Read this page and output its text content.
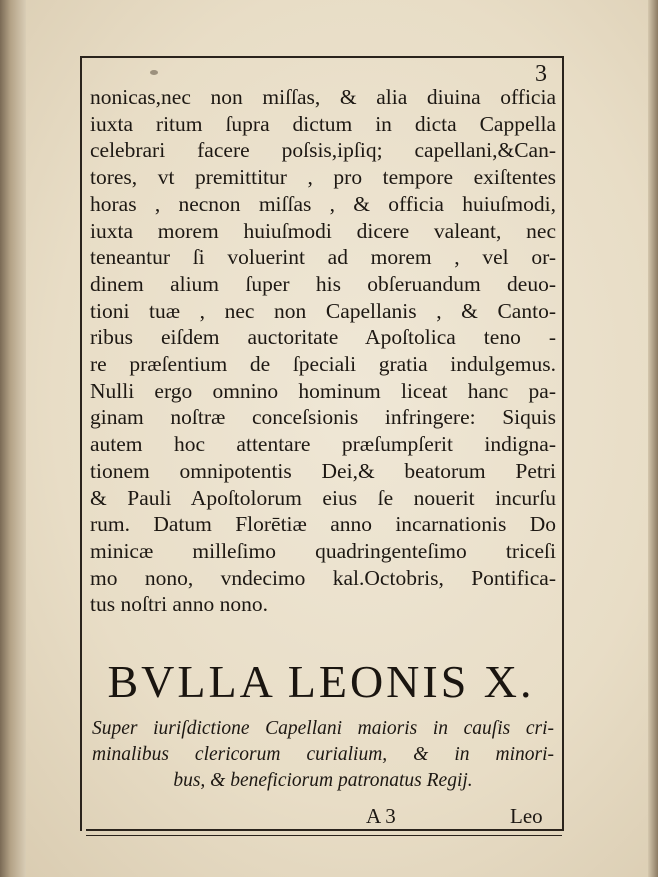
3
nonicas,nec non miſſas, & alia diuina officia
iuxta ritum ſupra dictum in dicta Cappella
celebrari facere poſsis,ipſiq; capellani,&Can-
tores, vt premittitur , pro tempore exiſtentes
horas , necnon miſſas , & officia huiuſmodi,
iuxta morem huiuſmodi dicere valeant, nec
teneantur ſi voluerint ad morem , vel or-
dinem alium ſuper his obſeruandum deuo-
tioni tuæ , nec non Capellanis , & Canto-
ribus eiſdem auctoritate Apoſtolica teno -
re præſentium de ſpeciali gratia indulgemus.
Nulli ergo omnino hominum liceat hanc pa-
ginam noſtræ conceſsionis infringere: Siquis
autem hoc attentare præſumpſerit indigna-
tionem omnipotentis Dei,& beatorum Petri
& Pauli Apoſtolorum eius ſe nouerit incurſu
rum. Datum Florētiæ anno incarnationis Do
minicæ milleſimo quadringenteſimo triceſi
mo nono, vndecimo kal.Octobris, Pontifica-
tus noſtri anno nono.
BVLLA LEONIS X.
Super iuriſdictione Capellani maioris in cauſis cri-
minalibus clericorum curialium, & in minori-
bus, & beneficiorum patronatus Regij.
A 3	Leo
